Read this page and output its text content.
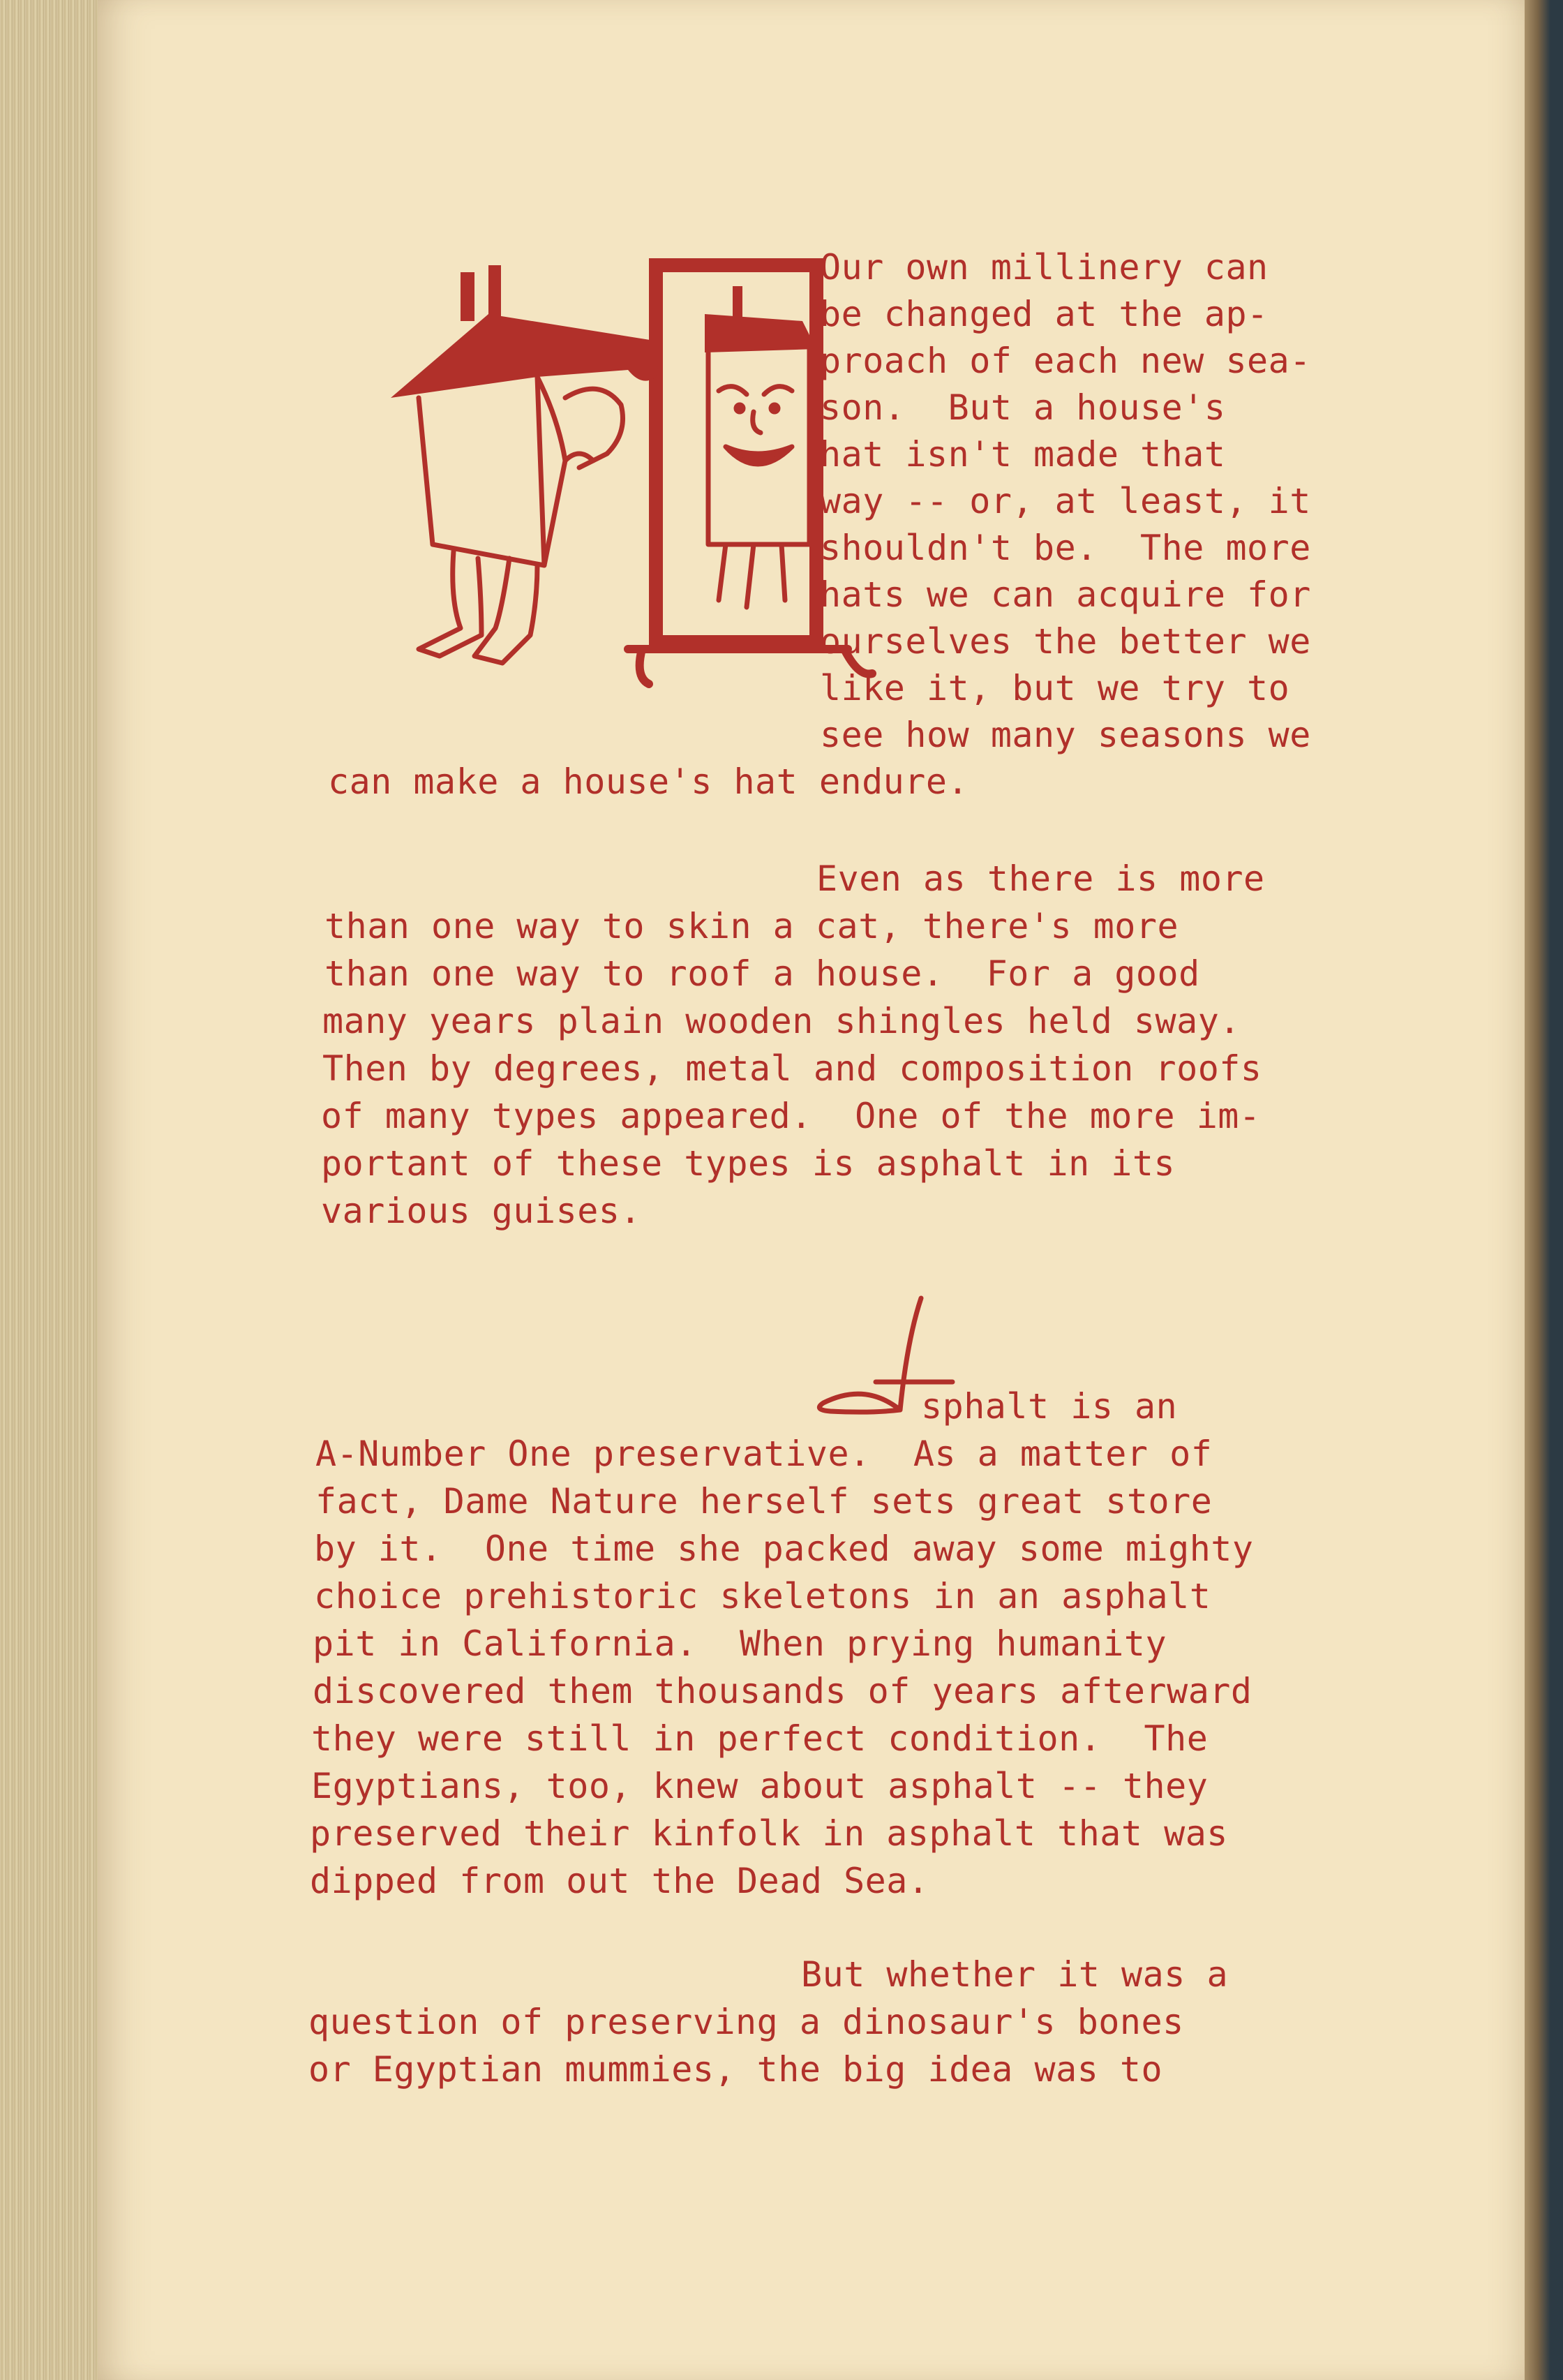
Our own millinery can

be changed at the ap-

proach of each new sea-

son.  But a house's

hat isn't made that

way -- or, at least, it

shouldn't be.  The more

hats we can acquire for

ourselves the better we

like it, but we try to

see how many seasons we

can make a house's hat endure.

Even as there is more

than one way to skin a cat, there's more

than one way to roof a house.  For a good

many years plain wooden shingles held sway.

Then by degrees, metal and composition roofs

of many types appeared.  One of the more im-

portant of these types is asphalt in its

various guises.

sphalt is an

A-Number One preservative.  As a matter of

fact, Dame Nature herself sets great store

by it.  One time she packed away some mighty

choice prehistoric skeletons in an asphalt

pit in California.  When prying humanity

discovered them thousands of years afterward

they were still in perfect condition.  The

Egyptians, too, knew about asphalt -- they

preserved their kinfolk in asphalt that was

dipped from out the Dead Sea.

But whether it was a

question of preserving a dinosaur's bones

or Egyptian mummies, the big idea was to
